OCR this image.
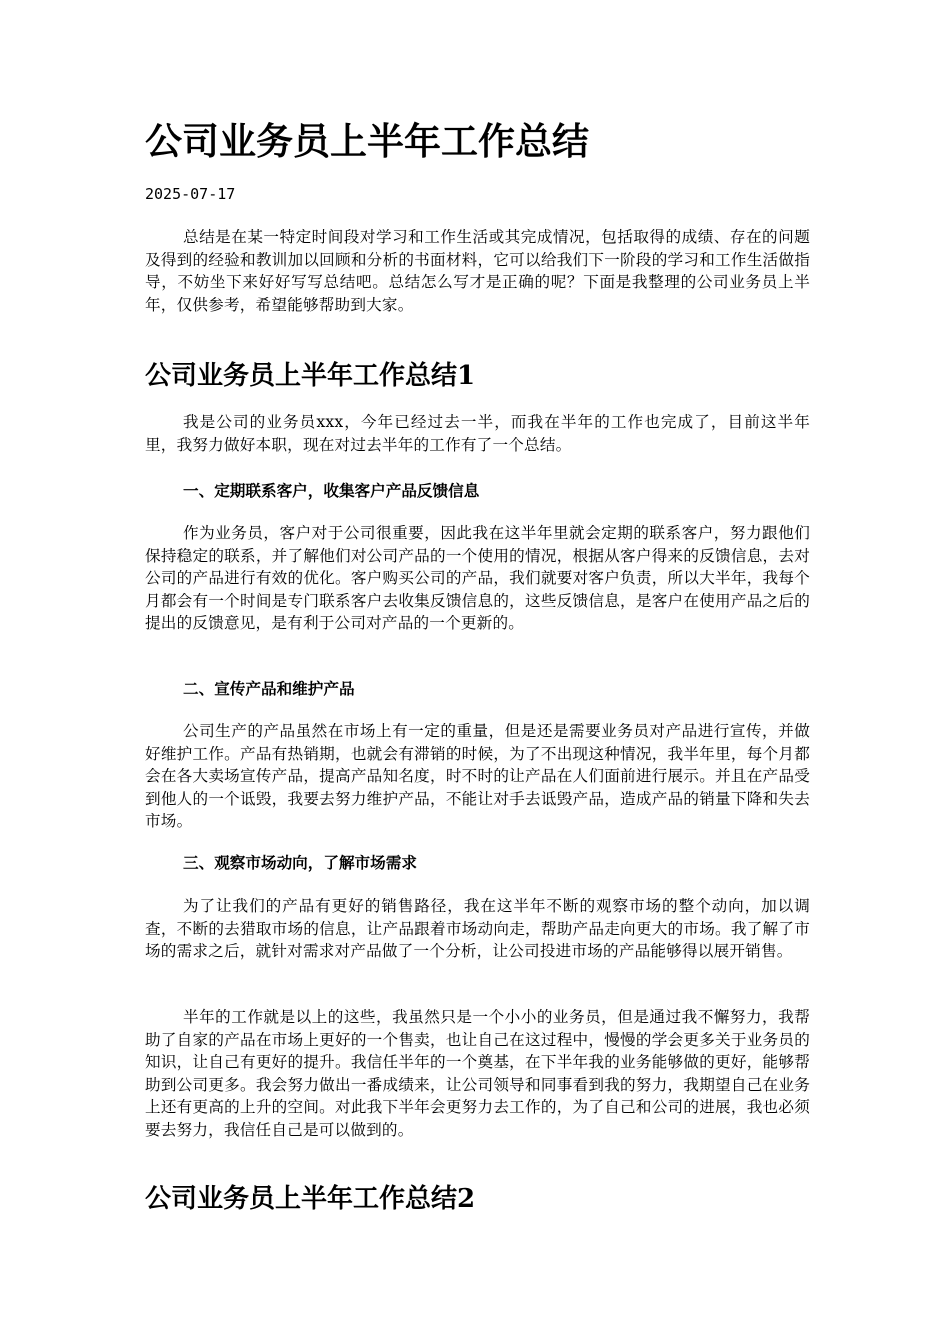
公司业务员上半年工作总结
2025-07-17

总结是在某一特定时间段对学习和工作生活或其完成情况，包括取得的成绩、存在的问题及得到的经验和教训加以回顾和分析的书面材料，它可以给我们下一阶段的学习和工作生活做指导，不妨坐下来好好写写总结吧。总结怎么写才是正确的呢？下面是我整理的公司业务员上半年，仅供参考，希望能够帮助到大家。

公司业务员上半年工作总结1

我是公司的业务员xxx，今年已经过去一半，而我在半年的工作也完成了，目前这半年里，我努力做好本职，现在对过去半年的工作有了一个总结。

一、定期联系客户，收集客户产品反馈信息

作为业务员，客户对于公司很重要，因此我在这半年里就会定期的联系客户，努力跟他们保持稳定的联系，并了解他们对公司产品的一个使用的情况，根据从客户得来的反馈信息，去对公司的产品进行有效的优化。客户购买公司的产品，我们就要对客户负责，所以大半年，我每个月都会有一个时间是专门联系客户去收集反馈信息的，这些反馈信息，是客户在使用产品之后的提出的反馈意见，是有利于公司对产品的一个更新的。

二、宣传产品和维护产品

公司生产的产品虽然在市场上有一定的重量，但是还是需要业务员对产品进行宣传，并做好维护工作。产品有热销期，也就会有滞销的时候，为了不出现这种情况，我半年里，每个月都会在各大卖场宣传产品，提高产品知名度，时不时的让产品在人们面前进行展示。并且在产品受到他人的一个诋毁，我要去努力维护产品，不能让对手去诋毁产品，造成产品的销量下降和失去市场。

三、观察市场动向，了解市场需求

为了让我们的产品有更好的销售路径，我在这半年不断的观察市场的整个动向，加以调查，不断的去猎取市场的信息，让产品跟着市场动向走，帮助产品走向更大的市场。我了解了市场的需求之后，就针对需求对产品做了一个分析，让公司投进市场的产品能够得以展开销售。

半年的工作就是以上的这些，我虽然只是一个小小的业务员，但是通过我不懈努力，我帮助了自家的产品在市场上更好的一个售卖，也让自己在这过程中，慢慢的学会更多关于业务员的知识，让自己有更好的提升。我信任半年的一个奠基，在下半年我的业务能够做的更好，能够帮助到公司更多。我会努力做出一番成绩来，让公司领导和同事看到我的努力，我期望自己在业务上还有更高的上升的空间。对此我下半年会更努力去工作的，为了自己和公司的进展，我也必须要去努力，我信任自己是可以做到的。

公司业务员上半年工作总结2
